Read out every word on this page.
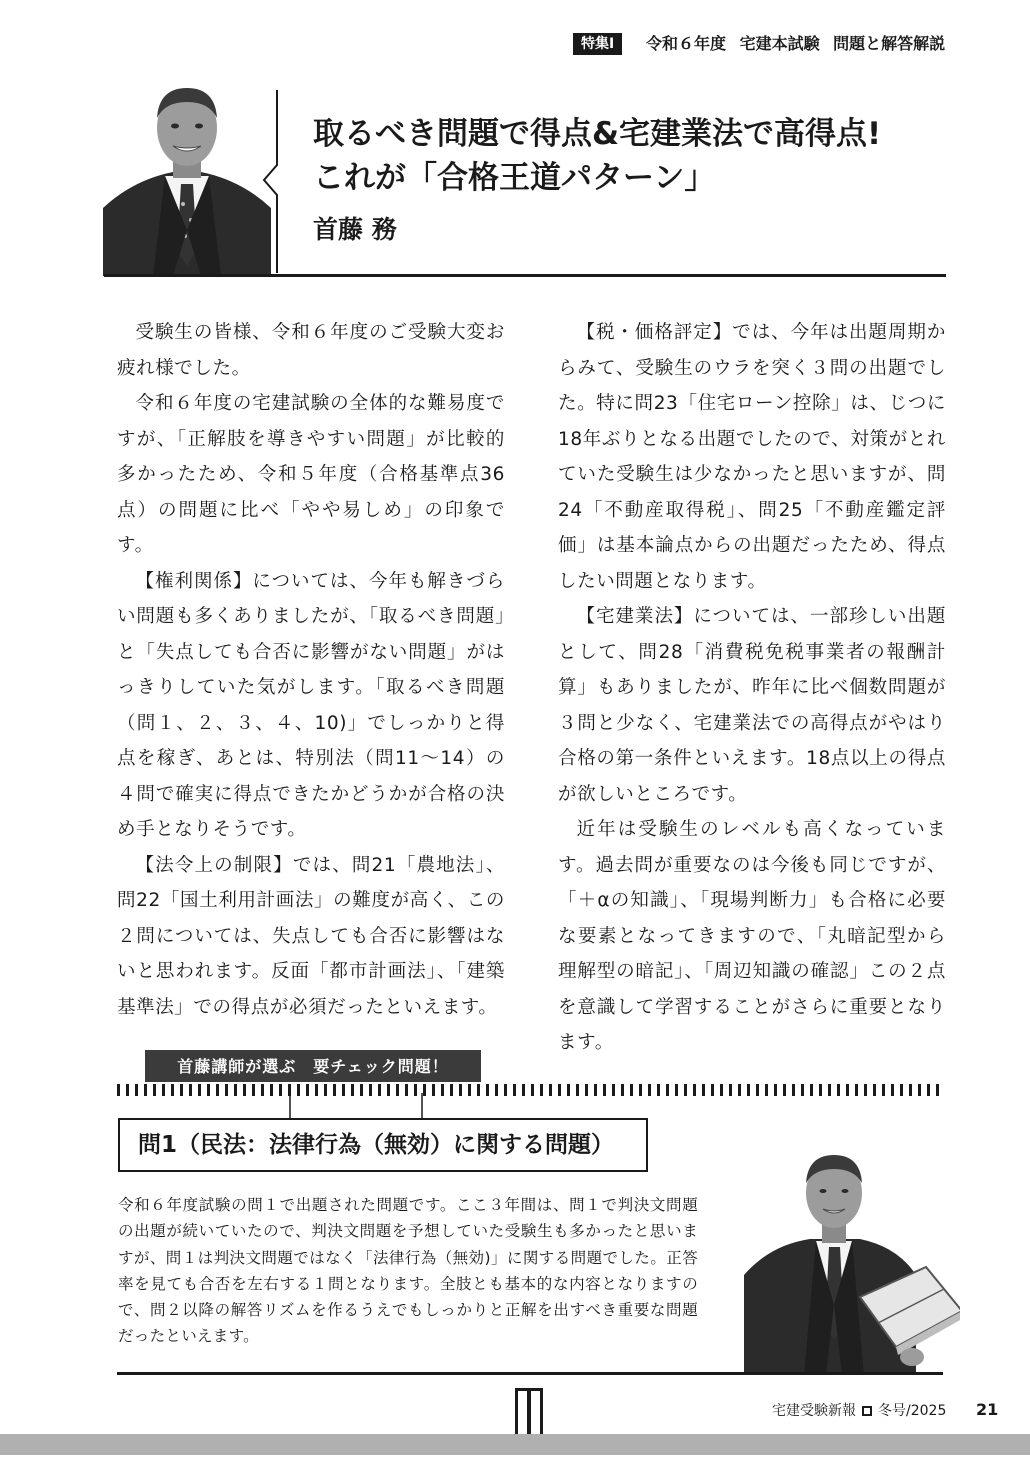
特集Ⅰ	令和６年度 宅建本試験 問題と解答解説
取るべき問題で得点&宅建業法で高得点!
これが「合格王道パターン」
首藤 務

受験生の皆様、令和６年度のご受験大変お疲れ様でした。

令和６年度の宅建試験の全体的な難易度ですが、「正解肢を導きやすい問題」が比較的多かったため、令和５年度（合格基準点36点）の問題に比べ「やや易しめ」の印象です。

【権利関係】については、今年も解きづらい問題も多くありましたが、「取るべき問題」と「失点しても合否に影響がない問題」がはっきりしていた気がします。「取るべき問題（問１、２、３、４、10)」でしっかりと得点を稼ぎ、あとは、特別法（問11〜14）の４問で確実に得点できたかどうかが合格の決め手となりそうです。

【法令上の制限】では、問21「農地法」、問22「国土利用計画法」の難度が高く、この２問については、失点しても合否に影響はないと思われます。反面「都市計画法」、「建築基準法」での得点が必須だったといえます。

【税・価格評定】では、今年は出題周期からみて、受験生のウラを突く３問の出題でした。特に問23「住宅ローン控除」は、じつに18年ぶりとなる出題でしたので、対策がとれていた受験生は少なかったと思いますが、問24「不動産取得税」、問25「不動産鑑定評価」は基本論点からの出題だったため、得点したい問題となります。

【宅建業法】については、一部珍しい出題として、問28「消費税免税事業者の報酬計算」もありましたが、昨年に比べ個数問題が３問と少なく、宅建業法での高得点がやはり合格の第一条件といえます。18点以上の得点が欲しいところです。

近年は受験生のレベルも高くなっています。過去問が重要なのは今後も同じですが、「＋αの知識」、「現場判断力」も合格に必要な要素となってきますので、「丸暗記型から理解型の暗記」、「周辺知識の確認」この２点を意識して学習することがさらに重要となります。

首藤講師が選ぶ　要チェック問題！
問1（民法：法律行為（無効）に関する問題）
令和６年度試験の問１で出題された問題です。ここ３年間は、問１で判決文問題の出題が続いていたので、判決文問題を予想していた受験生も多かったと思いますが、問１は判決文問題ではなく「法律行為（無効)」に関する問題でした。正答率を見ても合否を左右する１問となります。全肢とも基本的な内容となりますので、問２以降の解答リズムを作るうえでもしっかりと正解を出すべき重要な問題だったといえます。
宅建受験新報 冬号/2025 21
